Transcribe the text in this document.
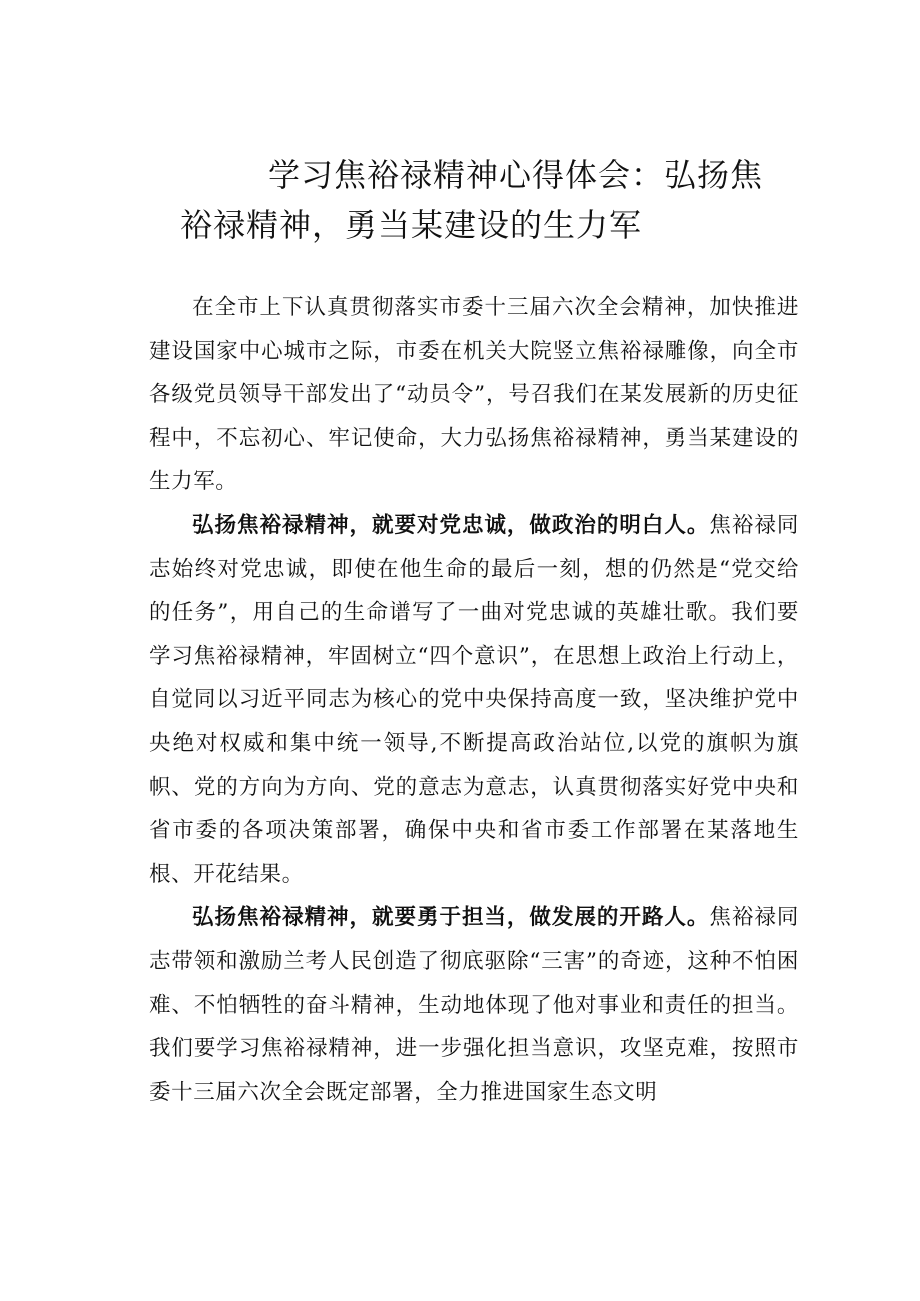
学习焦裕禄精神心得体会：弘扬焦
裕禄精神，勇当某建设的生力军

在全市上下认真贯彻落实市委十三届六次全会精神，加快推进建设国家中心城市之际，市委在机关大院竖立焦裕禄雕像，向全市各级党员领导干部发出了“动员令”，号召我们在某发展新的历史征程中，不忘初心、牢记使命，大力弘扬焦裕禄精神，勇当某建设的生力军。

弘扬焦裕禄精神，就要对党忠诚，做政治的明白人。焦裕禄同志始终对党忠诚，即使在他生命的最后一刻，想的仍然是“党交给的任务”，用自己的生命谱写了一曲对党忠诚的英雄壮歌。我们要学习焦裕禄精神，牢固树立“四个意识”，在思想上政治上行动上，自觉同以习近平同志为核心的党中央保持高度一致，坚决维护党中央绝对权威和集中统一领导,不断提高政治站位,以党的旗帜为旗帜、党的方向为方向、党的意志为意志，认真贯彻落实好党中央和省市委的各项决策部署，确保中央和省市委工作部署在某落地生根、开花结果。

弘扬焦裕禄精神，就要勇于担当，做发展的开路人。焦裕禄同志带领和激励兰考人民创造了彻底驱除“三害”的奇迹，这种不怕困难、不怕牺牲的奋斗精神，生动地体现了他对事业和责任的担当。我们要学习焦裕禄精神，进一步强化担当意识，攻坚克难，按照市委十三届六次全会既定部署，全力推进国家生态文明
